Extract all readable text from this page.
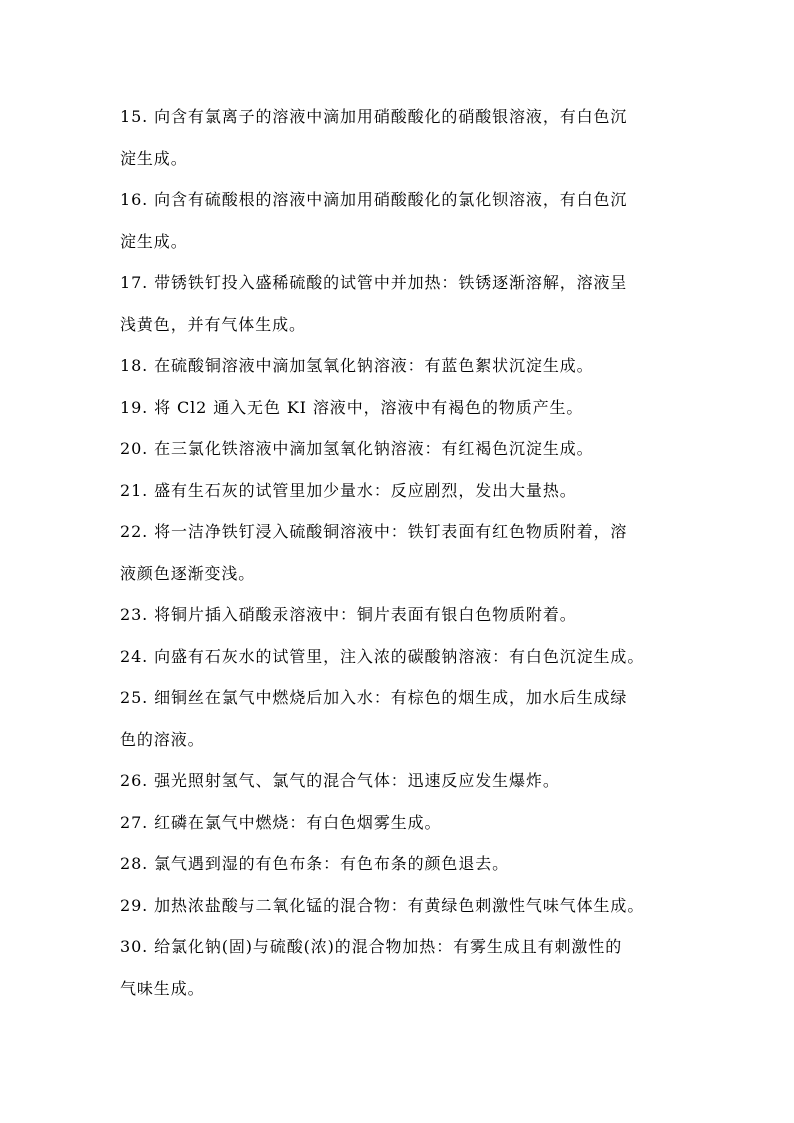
15. 向含有氯离子的溶液中滴加用硝酸酸化的硝酸银溶液，有白色沉
淀生成。
16. 向含有硫酸根的溶液中滴加用硝酸酸化的氯化钡溶液，有白色沉
淀生成。
17. 带锈铁钉投入盛稀硫酸的试管中并加热：铁锈逐渐溶解，溶液呈
浅黄色，并有气体生成。
18. 在硫酸铜溶液中滴加氢氧化钠溶液：有蓝色絮状沉淀生成。
19. 将 Cl2 通入无色 KI 溶液中，溶液中有褐色的物质产生。
20. 在三氯化铁溶液中滴加氢氧化钠溶液：有红褐色沉淀生成。
21. 盛有生石灰的试管里加少量水：反应剧烈，发出大量热。
22. 将一洁净铁钉浸入硫酸铜溶液中：铁钉表面有红色物质附着，溶
液颜色逐渐变浅。
23. 将铜片插入硝酸汞溶液中：铜片表面有银白色物质附着。
24. 向盛有石灰水的试管里，注入浓的碳酸钠溶液：有白色沉淀生成。
25. 细铜丝在氯气中燃烧后加入水：有棕色的烟生成，加水后生成绿
色的溶液。
26. 强光照射氢气、氯气的混合气体：迅速反应发生爆炸。
27. 红磷在氯气中燃烧：有白色烟雾生成。
28. 氯气遇到湿的有色布条：有色布条的颜色退去。
29. 加热浓盐酸与二氧化锰的混合物：有黄绿色刺激性气味气体生成。
30. 给氯化钠(固)与硫酸(浓)的混合物加热：有雾生成且有刺激性的
气味生成。
